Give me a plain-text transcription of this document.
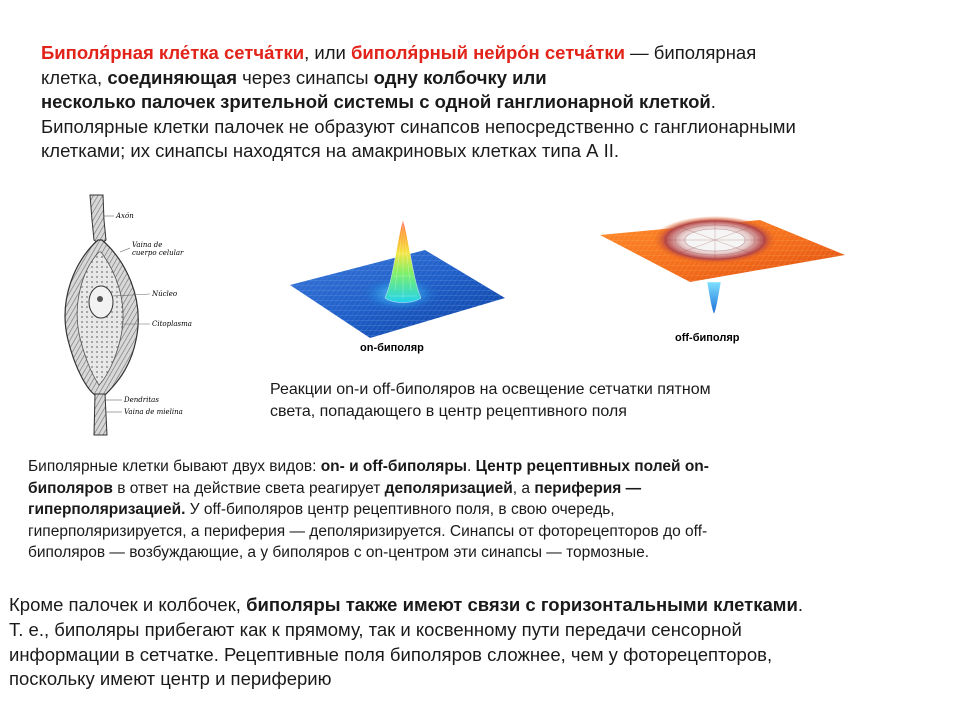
Биполя́рная кле́тка сетча́тки, или биполя́рный нейро́н сетча́тки — биполярная
клетка, соединяющая через синапсы одну колбочку или
несколько палочек зрительной системы с одной ганглионарной клеткой.
Биполярные клетки палочек не образуют синапсов непосредственно с ганглионарными
клетками; их синапсы находятся на амакриновых клетках типа А II.
Axón
Vaina de
cuerpo celular
Núcleo
Citoplasma
Dendritas
Vaina de mielina
on-биполяр
off-биполяр
Реакции on-и off-биполяров на освещение сетчатки пятном
света, попадающего в центр рецептивного поля
Биполярные клетки бывают двух видов: on- и off-биполяры. Центр рецептивных полей on-
биполяров в ответ на действие света реагирует деполяризацией, а периферия —
гиперполяризацией. У off-биполяров центр рецептивного поля, в свою очередь,
гиперполяризируется, а периферия — деполяризируется. Синапсы от фоторецепторов до off-
биполяров — возбуждающие, а у биполяров с on-центром эти синапсы — тормозные.
Кроме палочек и колбочек, биполяры также имеют связи с горизонтальными клетками.
Т. е., биполяры прибегают как к прямому, так и косвенному пути передачи сенсорной
информации в сетчатке. Рецептивные поля биполяров сложнее, чем у фоторецепторов,
поскольку имеют центр и периферию
